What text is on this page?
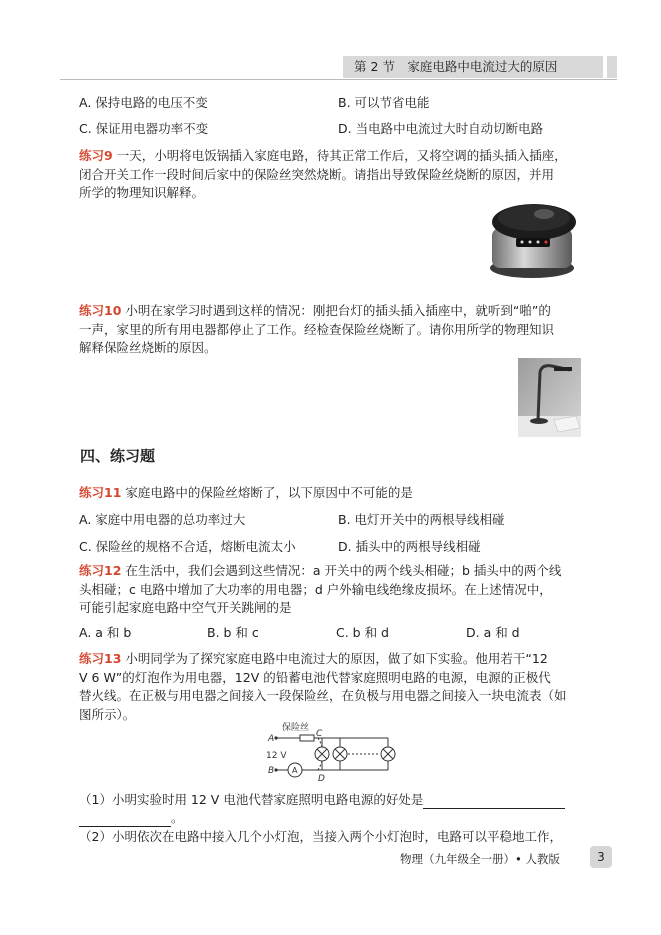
第 2 节　家庭电路中电流过大的原因
A. 保持电路的电压不变	B. 可以节省电能
C. 保证用电器功率不变	D. 当电路中电流过大时自动切断电路
练习9 一天，小明将电饭锅插入家庭电路，待其正常工作后，又将空调的插头插入插座，
闭合开关工作一段时间后家中的保险丝突然烧断。请指出导致保险丝烧断的原因，并用
所学的物理知识解释。
练习10 小明在家学习时遇到这样的情况：刚把台灯的插头插入插座中，就听到“啪”的
一声，家里的所有用电器都停止了工作。经检查保险丝烧断了。请你用所学的物理知识
解释保险丝烧断的原因。
四、练习题
练习11 家庭电路中的保险丝熔断了，以下原因中不可能的是
A. 家庭中用电器的总功率过大	B. 电灯开关中的两根导线相碰
C. 保险丝的规格不合适，熔断电流太小	D. 插头中的两根导线相碰
练习12 在生活中，我们会遇到这些情况：a 开关中的两个线头相碰；b 插头中的两个线
头相碰；c 电路中增加了大功率的用电器；d 户外输电线绝缘皮损坏。在上述情况中，
可能引起家庭电路中空气开关跳闸的是
A. a 和 b	B. b 和 c	C. b 和 d	D. a 和 d
练习13 小明同学为了探究家庭电路中电流过大的原因，做了如下实验。他用若干“12
V 6 W”的灯泡作为用电器，12V 的铅蓄电池代替家庭照明电路的电源，电源的正极代
替火线。在正极与用电器之间接入一段保险丝，在负极与用电器之间接入一块电流表（如
图所示）。
保险丝
A
B
12 V
C
D
A
（1）小明实验时用 12 V 电池代替家庭照明电路电源的好处是
。
（2）小明依次在电路中接入几个小灯泡，当接入两个小灯泡时，电路可以平稳地工作，
物理（九年级全一册）• 人教版	3
